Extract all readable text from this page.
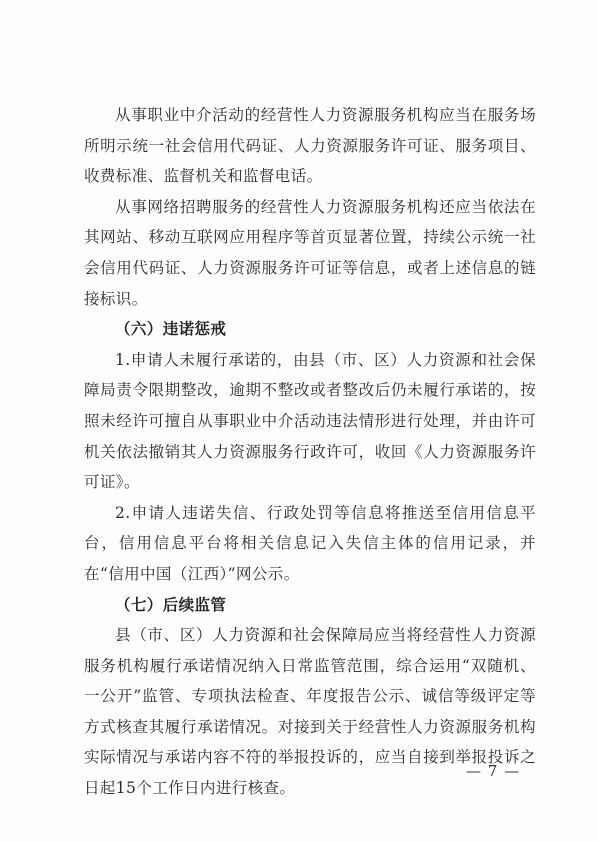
从事职业中介活动的经营性人力资源服务机构应当在服务场所明示统一社会信用代码证、人力资源服务许可证、服务项目、收费标准、监督机关和监督电话。

从事网络招聘服务的经营性人力资源服务机构还应当依法在其网站、移动互联网应用程序等首页显著位置，持续公示统一社会信用代码证、人力资源服务许可证等信息，或者上述信息的链接标识。

（六）违诺惩戒

1.申请人未履行承诺的，由县（市、区）人力资源和社会保障局责令限期整改，逾期不整改或者整改后仍未履行承诺的，按照未经许可擅自从事职业中介活动违法情形进行处理，并由许可机关依法撤销其人力资源服务行政许可，收回《人力资源服务许可证》。

2.申请人违诺失信、行政处罚等信息将推送至信用信息平台，信用信息平台将相关信息记入失信主体的信用记录，并在“信用中国（江西）”网公示。

（七）后续监管

县（市、区）人力资源和社会保障局应当将经营性人力资源服务机构履行承诺情况纳入日常监管范围，综合运用“双随机、一公开”监管、专项执法检查、年度报告公示、诚信等级评定等方式核查其履行承诺情况。对接到关于经营性人力资源服务机构实际情况与承诺内容不符的举报投诉的，应当自接到举报投诉之日起15个工作日内进行核查。

— 7 —
